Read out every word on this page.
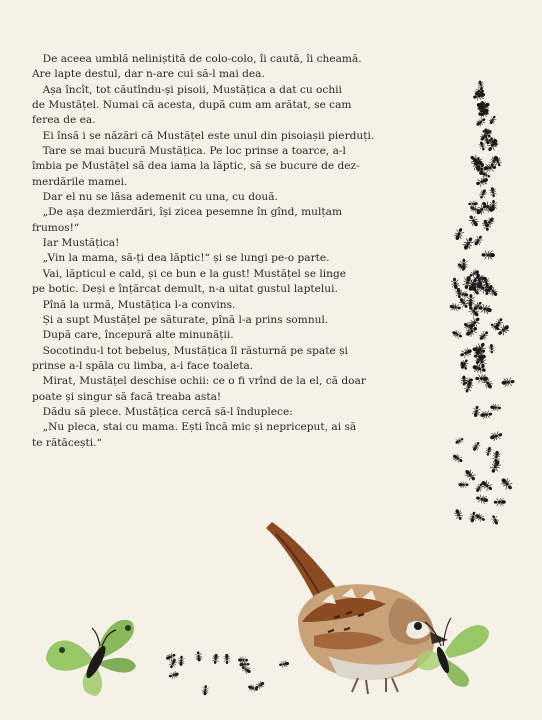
 De aceea umblă neliniștită de colo-colo, îi caută, îi cheamă.
Are lapte destul, dar n-are cui să-l mai dea.
 Așa încît, tot căutîndu-și pisoii, Mustățica a dat cu ochii
de Mustățel. Numai că acesta, după cum am arătat, se cam
ferea de ea.
 Ei însă i se năzări că Mustățel este unul din pisoiașii pierduți.
 Tare se mai bucură Mustățica. Pe loc prinse a toarce, a-l
îmbia pe Mustățel să dea iama la lăptic, să se bucure de dez-
merdările mamei.
 Dar el nu se lăsa ademenit cu una, cu două.
 „De așa dezmierdări, își zicea pesemne în gînd, mulțam
frumos!“
 Iar Mustățica!
 „Vin la mama, să-ți dea lăptic!“ și se lungi pe-o parte.
 Vai, lăpticul e cald, și ce bun e la gust! Mustățel se linge
pe botic. Deși e înțărcat demult, n-a uitat gustul laptelui.
 Pînă la urmă, Mustățica l-a convins.
 Și a supt Mustățel pe săturate, pînă l-a prins somnul.
 După care, începură alte minunății.
 Socotindu-l tot bebeluș, Mustățica îl răsturnă pe spate și
prinse a-l spăla cu limba, a-i face toaleta.
 Mirat, Mustățel deschise ochii: ce o fi vrînd de la el, că doar
poate și singur să facă treaba asta!
 Dădu să plece. Mustățica cercă să-l înduplece:
 „Nu pleca, stai cu mama. Ești încă mic și nepriceput, ai să
te rătăcești.“
